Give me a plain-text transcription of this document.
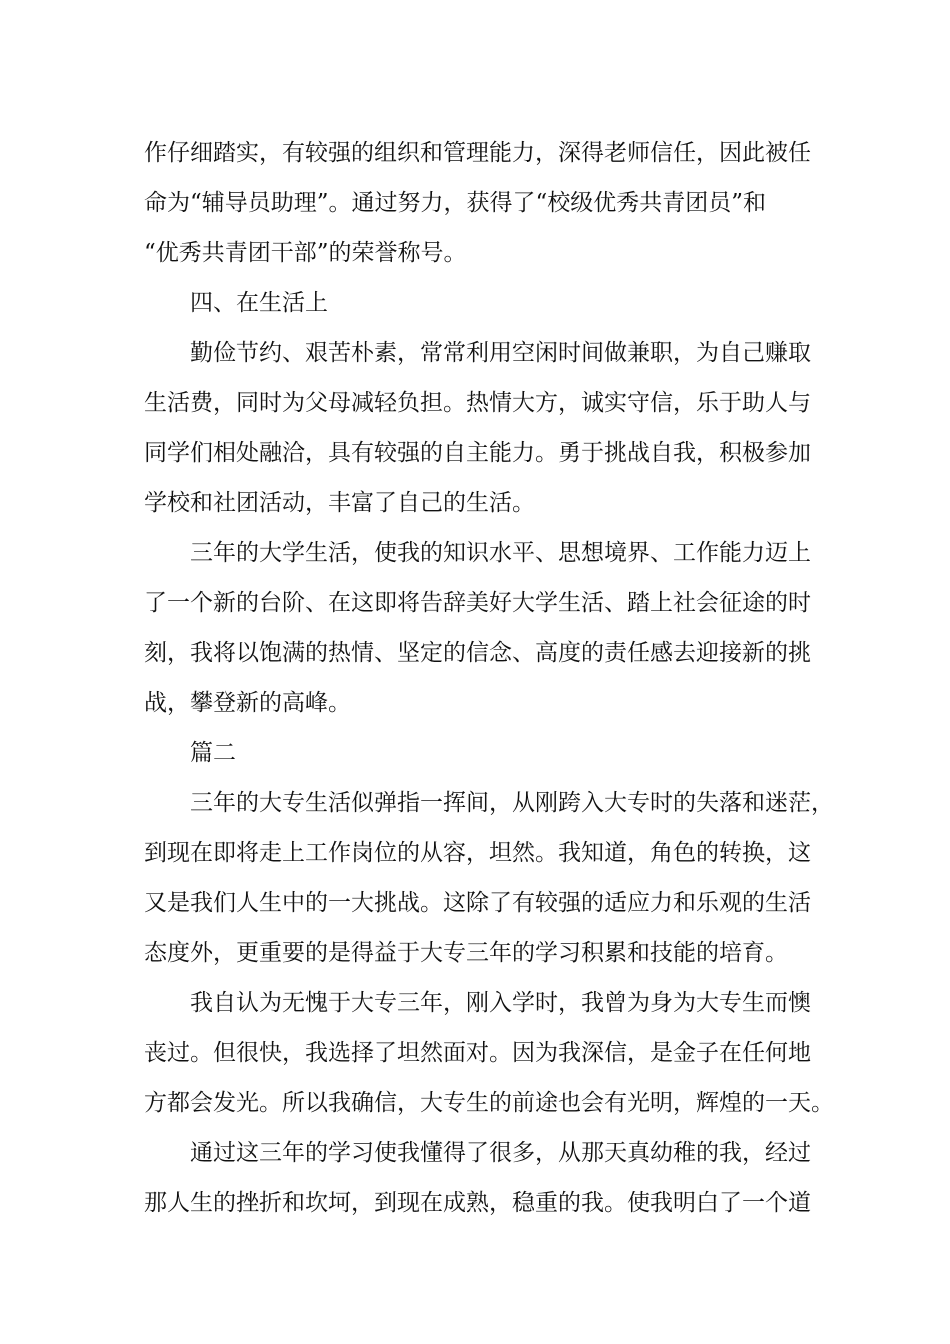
作仔细踏实，有较强的组织和管理能力，深得老师信任，因此被任
命为“辅导员助理”。通过努力，获得了“校级优秀共青团员”和
“优秀共青团干部”的荣誉称号。
四、在生活上
勤俭节约、艰苦朴素，常常利用空闲时间做兼职，为自己赚取
生活费，同时为父母减轻负担。热情大方，诚实守信，乐于助人与
同学们相处融洽，具有较强的自主能力。勇于挑战自我，积极参加
学校和社团活动，丰富了自己的生活。
三年的大学生活，使我的知识水平、思想境界、工作能力迈上
了一个新的台阶、在这即将告辞美好大学生活、踏上社会征途的时
刻，我将以饱满的热情、坚定的信念、高度的责任感去迎接新的挑
战，攀登新的高峰。
篇二
三年的大专生活似弹指一挥间，从刚跨入大专时的失落和迷茫，
到现在即将走上工作岗位的从容，坦然。我知道，角色的转换，这
又是我们人生中的一大挑战。这除了有较强的适应力和乐观的生活
态度外，更重要的是得益于大专三年的学习积累和技能的培育。
我自认为无愧于大专三年，刚入学时，我曾为身为大专生而懊
丧过。但很快，我选择了坦然面对。因为我深信，是金子在任何地
方都会发光。所以我确信，大专生的前途也会有光明，辉煌的一天。
通过这三年的学习使我懂得了很多，从那天真幼稚的我，经过
那人生的挫折和坎坷，到现在成熟，稳重的我。使我明白了一个道
